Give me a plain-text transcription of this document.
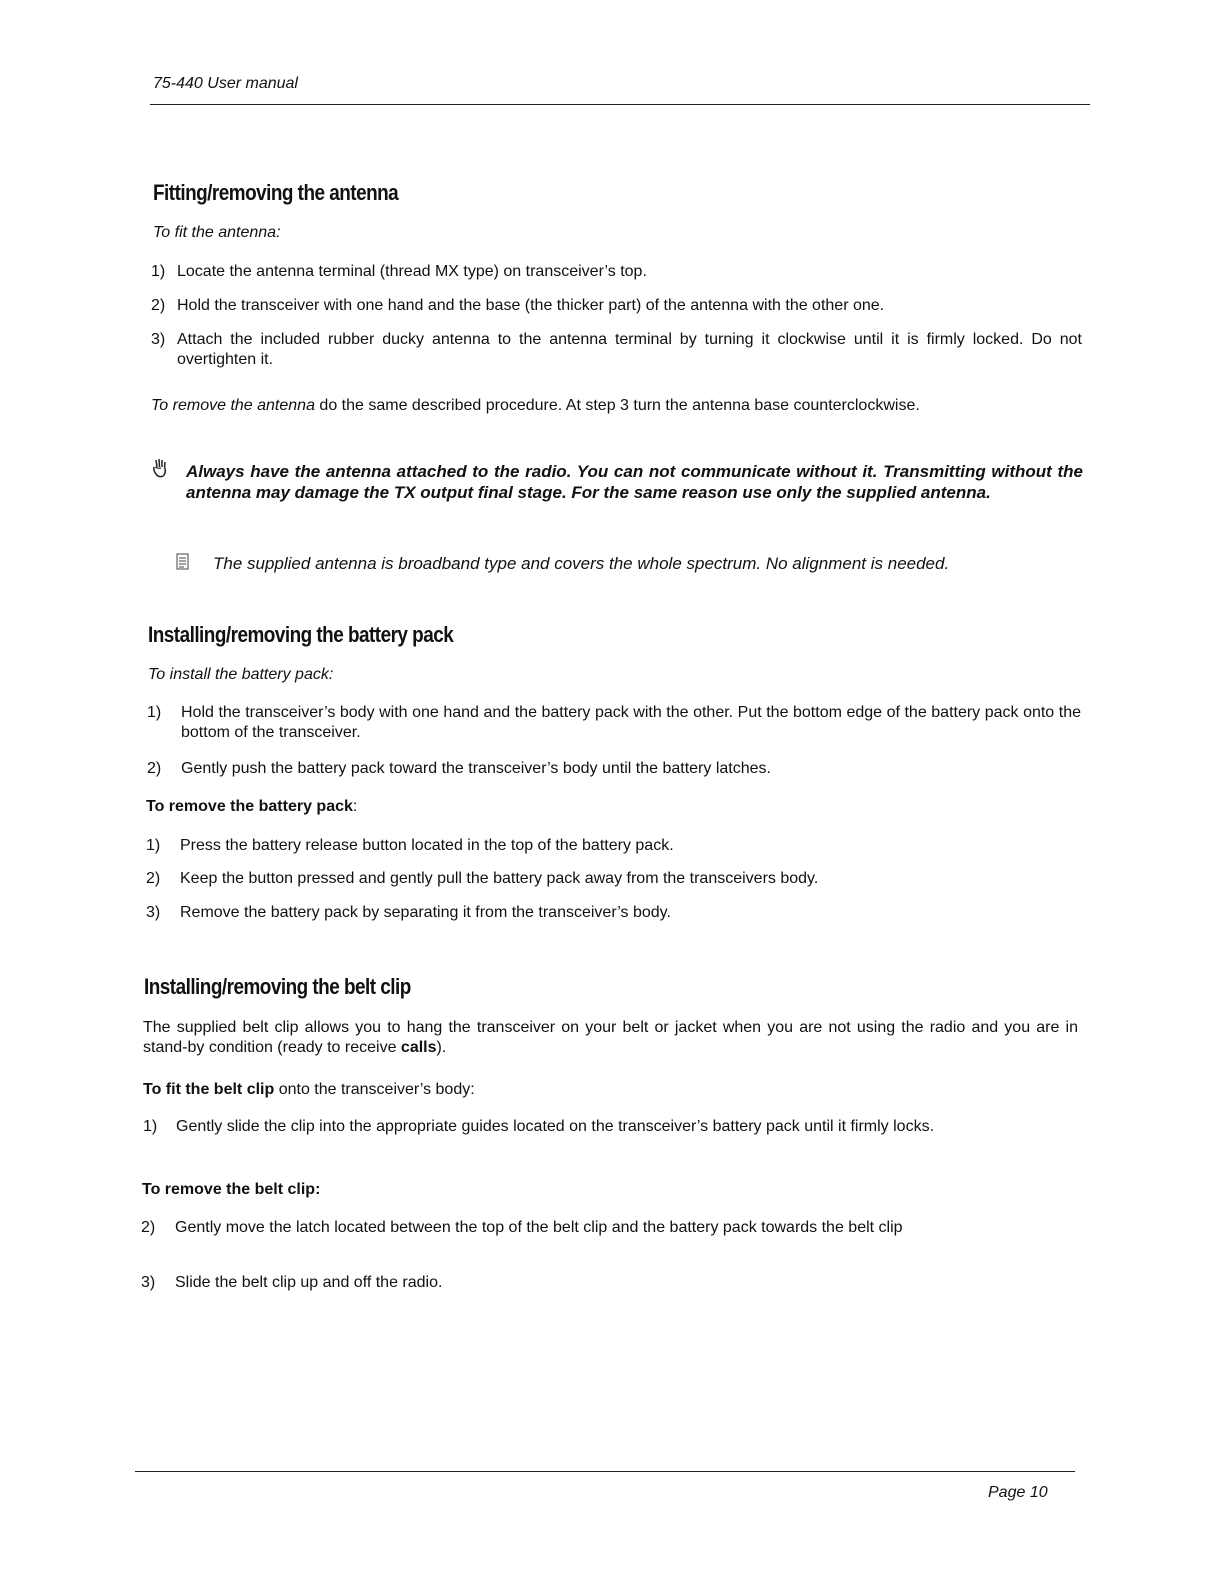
75-440 User manual
Fitting/removing the antenna
To fit the antenna:
1) Locate the antenna terminal (thread MX type) on transceiver’s top.
2) Hold the transceiver with one hand and the base (the thicker part) of the antenna with the other one.
3) Attach the included rubber ducky antenna to the antenna terminal by turning it clockwise until it is firmly locked. Do not overtighten it.
To remove the antenna do the same described procedure. At step 3 turn the antenna base counterclockwise.
Always have the antenna attached to the radio. You can not communicate without it. Transmitting without the antenna may damage the TX output final stage. For the same reason use only the supplied antenna.
The supplied antenna is broadband type and covers the whole spectrum. No alignment is needed.
Installing/removing the battery pack
To install the battery pack:
1) Hold the transceiver’s body with one hand and the battery pack with the other. Put the bottom edge of the battery pack onto the bottom of the transceiver.
2) Gently push the battery pack toward the transceiver’s body until the battery latches.
To remove the battery pack:
1) Press the battery release button located in the top of the battery pack.
2) Keep the button pressed and gently pull the battery pack away from the transceivers body.
3) Remove the battery pack by separating it from the transceiver’s body.
Installing/removing the belt clip
The supplied belt clip allows you to hang the transceiver on your belt or jacket when you are not using the radio and you are in stand-by condition (ready to receive calls).
To fit the belt clip onto the transceiver’s body:
1) Gently slide the clip into the appropriate guides located on the transceiver’s battery pack until it firmly locks.
To remove the belt clip:
2) Gently move the latch located between the top of the belt clip and the battery pack towards the belt clip
3) Slide the belt clip up and off the radio.
Page 10
